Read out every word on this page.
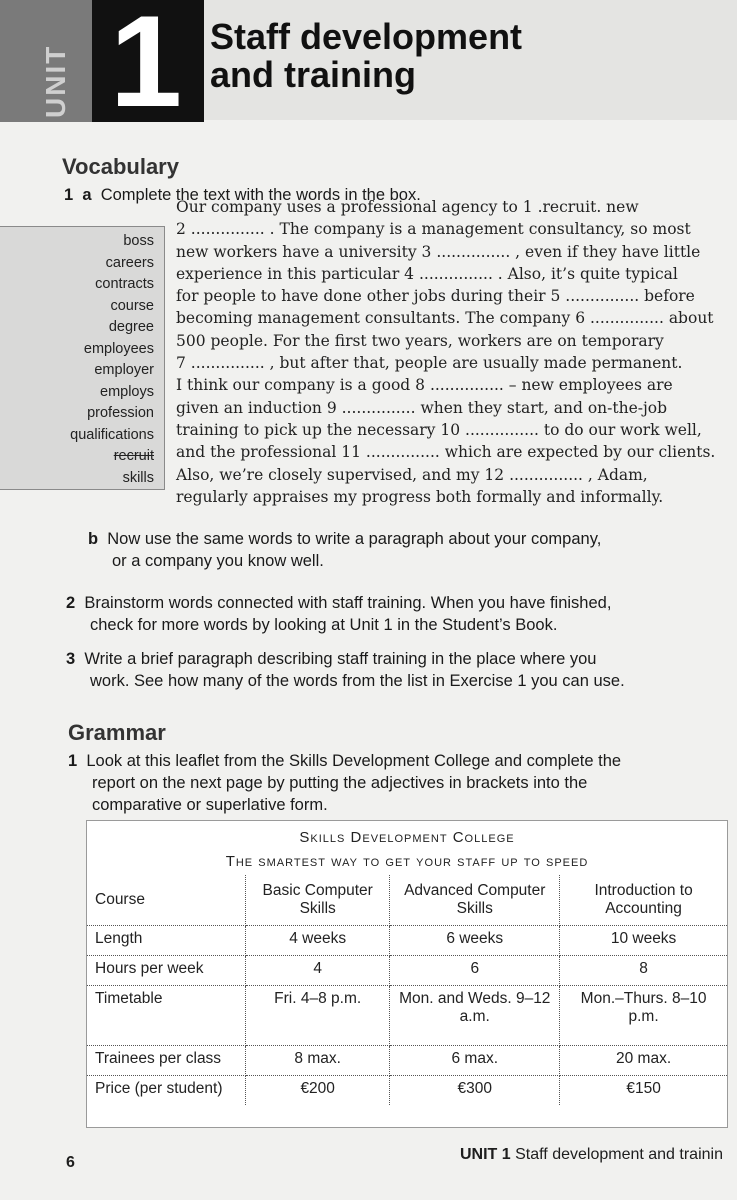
UNIT 1 Staff development
and training
Vocabulary
1 a Complete the text with the words in the box.
boss
careers
contracts
course
degree
employees
employer
employs
profession
qualifications
recruit
skills

Our company uses a professional agency to 1 .recruit. new

2 ............... . The company is a management consultancy, so most

new workers have a university 3 ............... , even if they have little

experience in this particular 4 ............... . Also, it’s quite typical

for people to have done other jobs during their 5 ............... before

becoming management consultants. The company 6 ............... about

500 people. For the first two years, workers are on temporary

7 ............... , but after that, people are usually made permanent.

I think our company is a good 8 ............... – new employees are

given an induction 9 ............... when they start, and on-the-job

training to pick up the necessary 10 ............... to do our work well,

and the professional 11 ............... which are expected by our clients.

Also, we’re closely supervised, and my 12 ............... , Adam,

regularly appraises my progress both formally and informally.

b Now use the same words to write a paragraph about your company,
or a company you know well.
2 Brainstorm words connected with staff training. When you have finished,
check for more words by looking at Unit 1 in the Student’s Book.
3 Write a brief paragraph describing staff training in the place where you
work. See how many of the words from the list in Exercise 1 you can use.
Grammar
1 Look at this leaflet from the Skills Development College and complete the
report on the next page by putting the adjectives in brackets into the
comparative or superlative form.
Skills Development College
The smartest way to get your staff up to speed
Course	Basic Computer Skills	Advanced Computer Skills	Introduction to Accounting
Length	4 weeks	6 weeks	10 weeks
Hours per week	4	6	8
Timetable	Fri. 4–8 p.m.	Mon. and Weds. 9–12 a.m.	Mon.–Thurs. 8–10 p.m.
Trainees per class	8 max.	6 max.	20 max.
Price (per student)	€200	€300	€150
6	UNIT 1 Staff development and trainin
